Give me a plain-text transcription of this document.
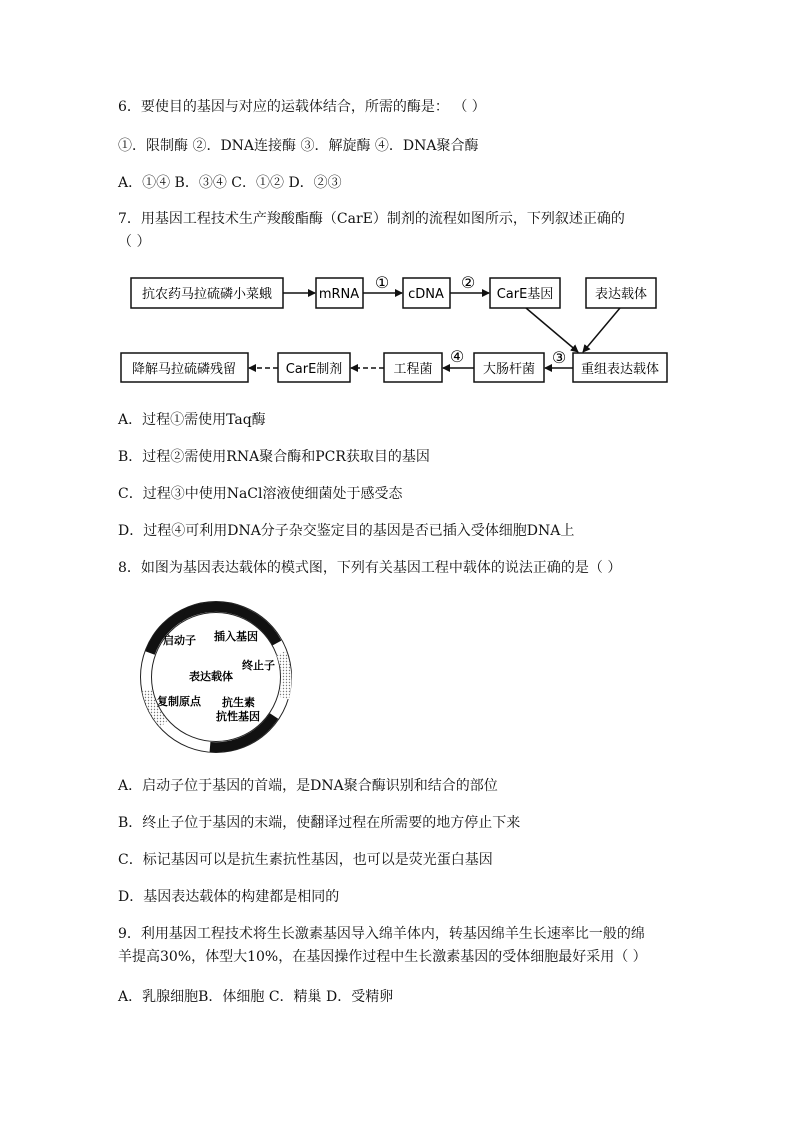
6．要使目的基因与对应的运载体结合，所需的酶是： （ ）
①．限制酶 ②．DNA连接酶 ③．解旋酶 ④．DNA聚合酶
A．①④ B．③④ C．①② D．②③
7．用基因工程技术生产羧酸酯酶（CarE）制剂的流程如图所示，下列叙述正确的
（ ）
抗农药马拉硫磷小菜蛾	mRNA	cDNA	CarE基因	表达载体
①	②
重组表达载体
大肠杆菌
工程菌
CarE制剂
降解马拉硫磷残留
③
④
A．过程①需使用Taq酶
B．过程②需使用RNA聚合酶和PCR获取目的基因
C．过程③中使用NaCl溶液使细菌处于感受态
D．过程④可利用DNA分子杂交鉴定目的基因是否已插入受体细胞DNA上
8．如图为基因表达载体的模式图，下列有关基因工程中载体的说法正确的是（ ）
启动子 插入基因
终止子
表达载体
复制原点 抗生素
抗性基因
A．启动子位于基因的首端，是DNA聚合酶识别和结合的部位
B．终止子位于基因的末端，使翻译过程在所需要的地方停止下来
C．标记基因可以是抗生素抗性基因，也可以是荧光蛋白基因
D．基因表达载体的构建都是相同的
9．利用基因工程技术将生长激素基因导入绵羊体内，转基因绵羊生长速率比一般的绵
羊提高30%，体型大10%，在基因操作过程中生长激素基因的受体细胞最好采用（ ）
A．乳腺细胞B．体细胞 C．精巢 D．受精卵
